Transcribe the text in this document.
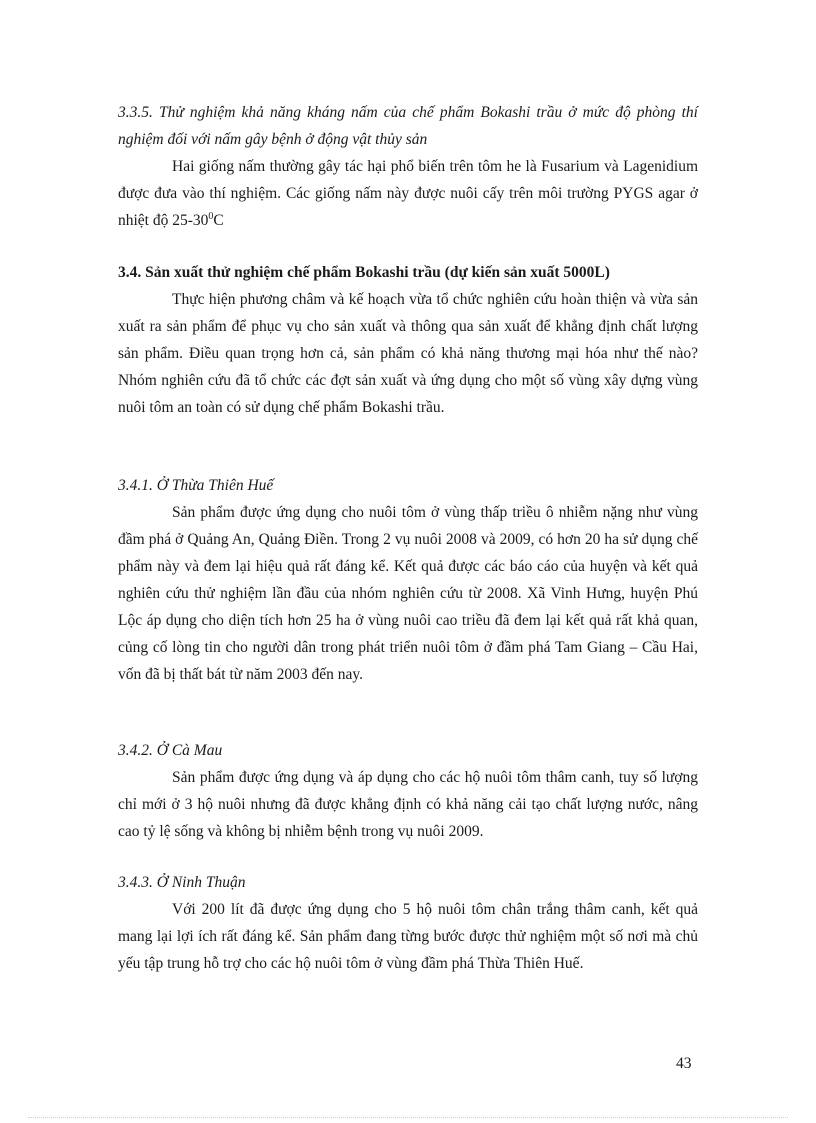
3.3.5. Thử nghiệm khả năng kháng nấm của chế phẩm Bokashi trầu ở mức độ phòng thí nghiệm đối với nấm gây bệnh ở động vật thủy sản
Hai giống nấm thường gây tác hại phổ biến trên tôm he là Fusarium và Lagenidium được đưa vào thí nghiệm. Các giống nấm này được nuôi cấy trên môi trường PYGS agar ở nhiệt độ $25-30^0C$
3.4. Sản xuất thử nghiệm chế phẩm Bokashi trầu (dự kiến sản xuất 5000L)
Thực hiện phương châm và kế hoạch vừa tổ chức nghiên cứu hoàn thiện và vừa sản xuất ra sản phẩm để phục vụ cho sản xuất và thông qua sản xuất để khẳng định chất lượng sản phẩm. Điều quan trọng hơn cả, sản phẩm có khả năng thương mại hóa như thế nào? Nhóm nghiên cứu đã tổ chức các đợt sản xuất và ứng dụng cho một số vùng xây dựng vùng nuôi tôm an toàn có sử dụng chế phẩm Bokashi trầu.
3.4.1. Ở Thừa Thiên Huế
Sản phẩm được ứng dụng cho nuôi tôm ở vùng thấp triều ô nhiễm nặng như vùng đầm phá ở Quảng An, Quảng Điền. Trong 2 vụ nuôi 2008 và 2009, có hơn 20 ha sử dụng chế phẩm này và đem lại hiệu quả rất đáng kể. Kết quả được các báo cáo của huyện và kết quả nghiên cứu thử nghiệm lần đầu của nhóm nghiên cứu từ 2008. Xã Vinh Hưng, huyện Phú Lộc áp dụng cho diện tích hơn 25 ha ở vùng nuôi cao triều đã đem lại kết quả rất khả quan, củng cố lòng tin cho người dân trong phát triển nuôi tôm ở đầm phá Tam Giang – Cầu Hai, vốn đã bị thất bát từ năm 2003 đến nay.
3.4.2. Ở Cà Mau
Sản phẩm được ứng dụng và áp dụng cho các hộ nuôi tôm thâm canh, tuy số lượng chỉ mới ở 3 hộ nuôi nhưng đã được khẳng định có khả năng cải tạo chất lượng nước, nâng cao tỷ lệ sống và không bị nhiễm bệnh trong vụ nuôi 2009.
3.4.3. Ở Ninh Thuận
Với 200 lít đã được ứng dụng cho 5 hộ nuôi tôm chân trắng thâm canh, kết quả mang lại lợi ích rất đáng kể. Sản phẩm đang từng bước được thử nghiệm một số nơi mà chủ yếu tập trung hỗ trợ cho các hộ nuôi tôm ở vùng đầm phá Thừa Thiên Huế.
43
